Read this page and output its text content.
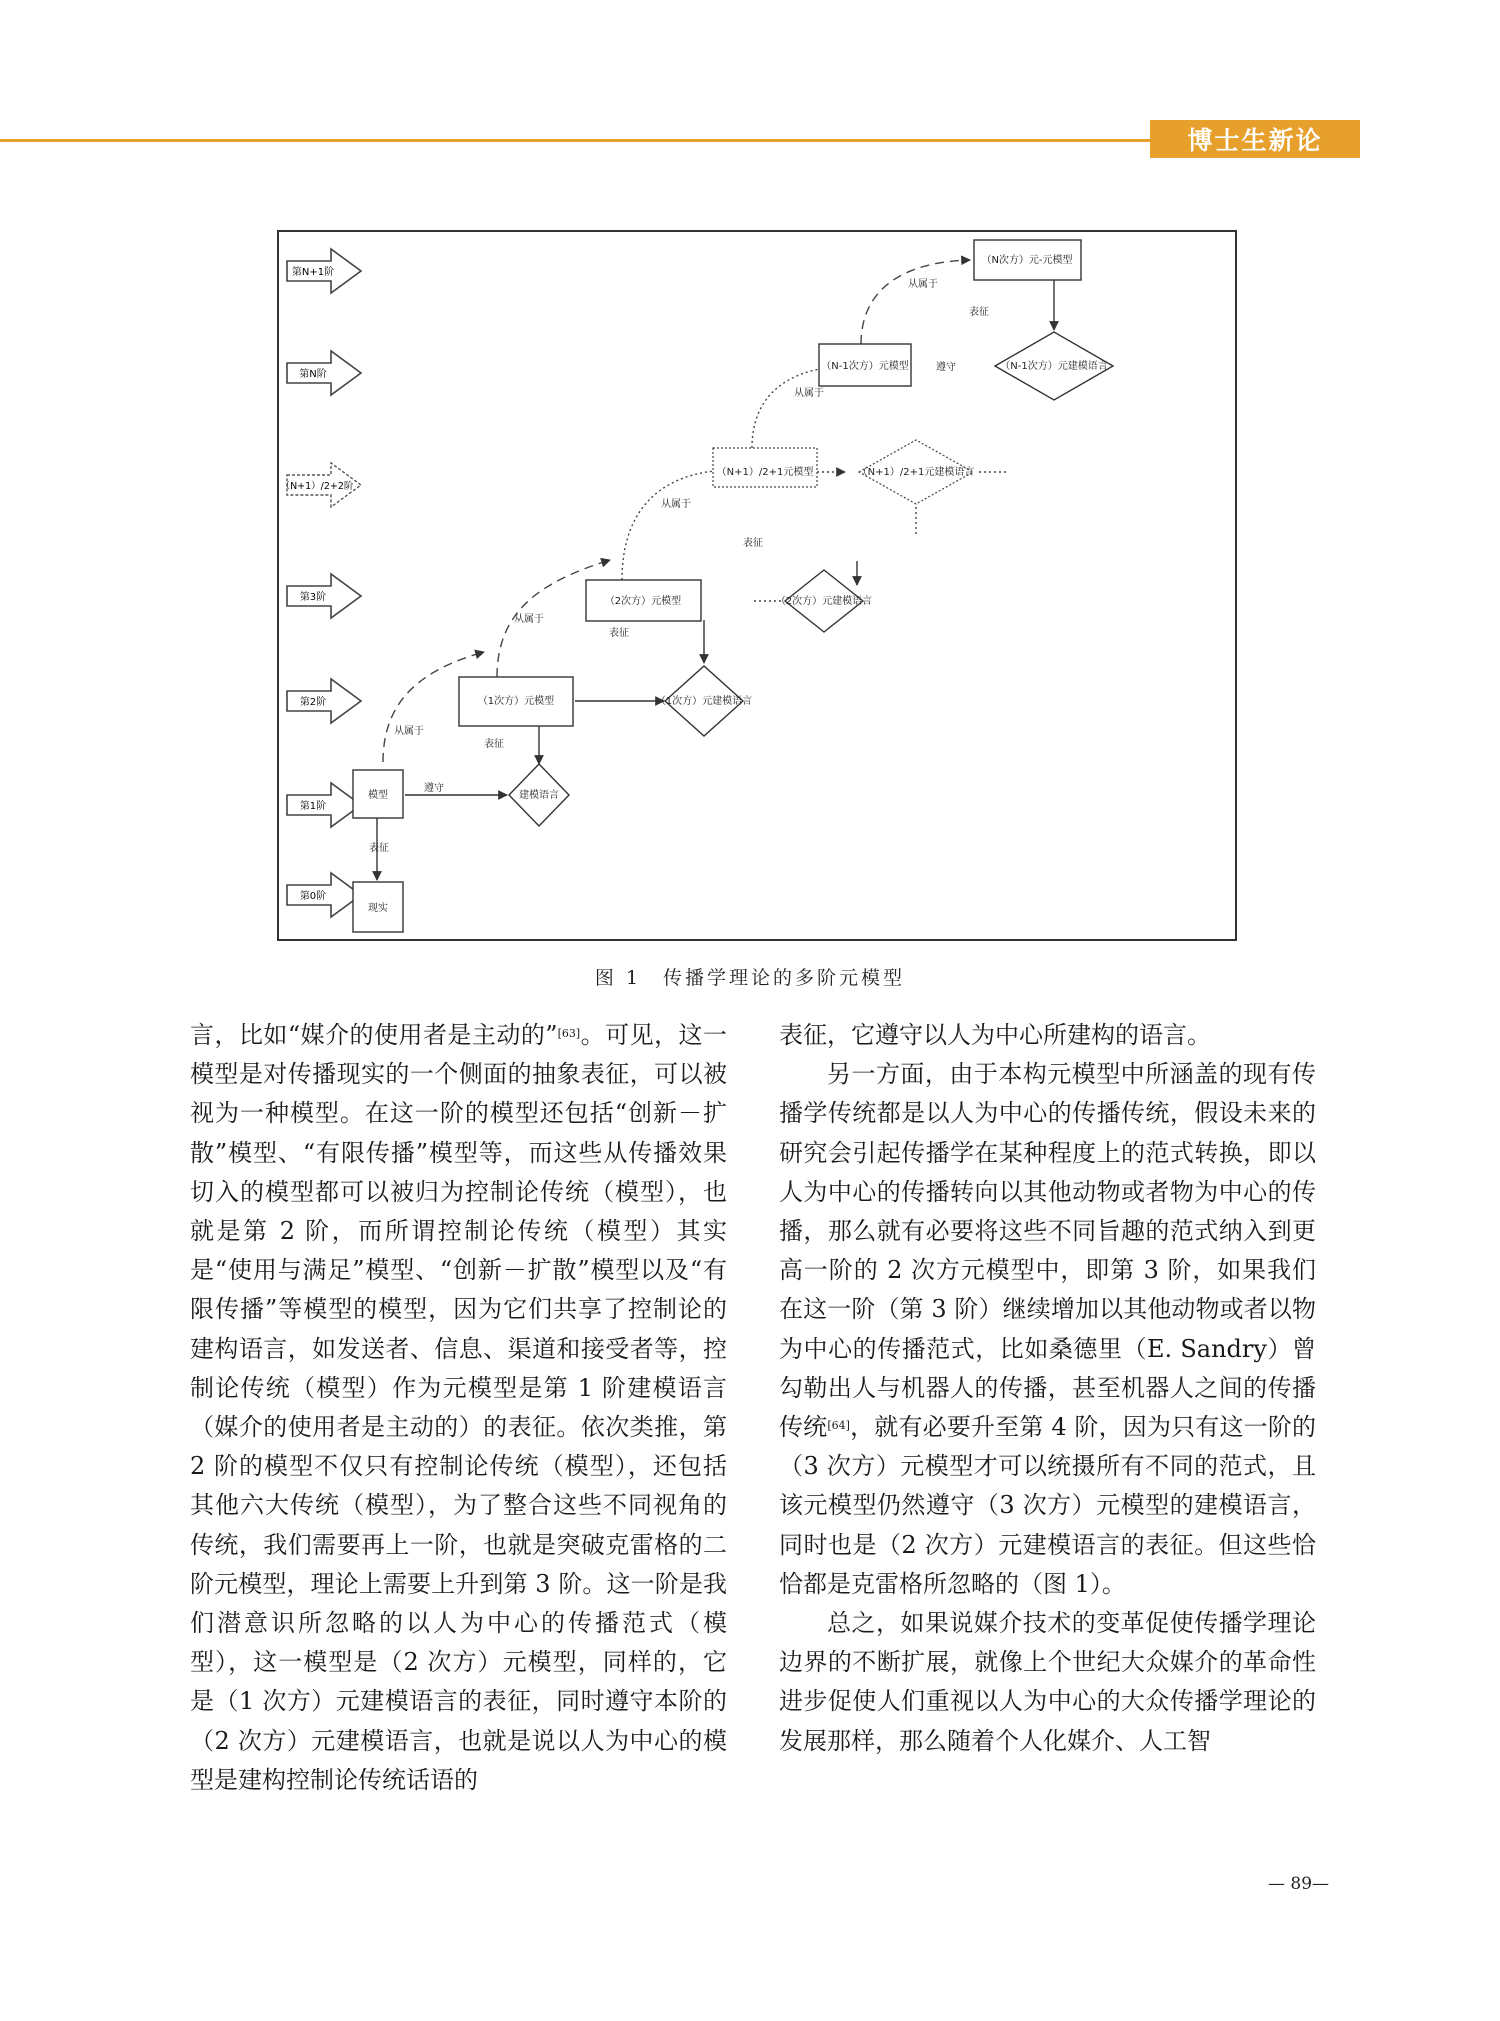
博士生新论
第N+1阶
第N阶
（N+1）/2+2阶
第3阶
第2阶
第1阶
第0阶
表征
遵守
表征
表征
表征
表征
遵守
从属于
从属于
从属于
从属于
从属于
现实
模型	建模语言
（1次方）元模型	（1次方）元建模语言
（2次方）元模型	（2次方）元建模语言
（N+1）/2+1元模型	（N+1）/2+1元建模语言
（N-1次方）元模型	（N-1次方）元建模语言
（N次方）元-元模型
图 1　传播学理论的多阶元模型

言，比如“媒介的使用者是主动的”[63]。可见，这一模型是对传播现实的一个侧面的抽象表征，可以被视为一种模型。在这一阶的模型还包括“创新－扩散”模型、“有限传播”模型等，而这些从传播效果切入的模型都可以被归为控制论传统（模型），也就是第 2 阶，而所谓控制论传统（模型）其实是“使用与满足”模型、“创新－扩散”模型以及“有限传播”等模型的模型，因为它们共享了控制论的建构语言，如发送者、信息、渠道和接受者等，控制论传统（模型）作为元模型是第 1 阶建模语言（媒介的使用者是主动的）的表征。依次类推，第 2 阶的模型不仅只有控制论传统（模型），还包括其他六大传统（模型），为了整合这些不同视角的传统，我们需要再上一阶，也就是突破克雷格的二阶元模型，理论上需要上升到第 3 阶。这一阶是我们潜意识所忽略的以人为中心的传播范式（模型），这一模型是（2 次方）元模型，同样的，它是（1 次方）元建模语言的表征，同时遵守本阶的（2 次方）元建模语言，也就是说以人为中心的模型是建构控制论传统话语的

表征，它遵守以人为中心所建构的语言。

另一方面，由于本构元模型中所涵盖的现有传播学传统都是以人为中心的传播传统，假设未来的研究会引起传播学在某种程度上的范式转换，即以人为中心的传播转向以其他动物或者物为中心的传播，那么就有必要将这些不同旨趣的范式纳入到更高一阶的 2 次方元模型中，即第 3 阶，如果我们在这一阶（第 3 阶）继续增加以其他动物或者以物为中心的传播范式，比如桑德里（E. Sandry）曾勾勒出人与机器人的传播，甚至机器人之间的传播传统[64]，就有必要升至第 4 阶，因为只有这一阶的（3 次方）元模型才可以统摄所有不同的范式，且该元模型仍然遵守（3 次方）元模型的建模语言，同时也是（2 次方）元建模语言的表征。但这些恰恰都是克雷格所忽略的（图 1）。

总之，如果说媒介技术的变革促使传播学理论边界的不断扩展，就像上个世纪大众媒介的革命性进步促使人们重视以人为中心的大众传播学理论的发展那样，那么随着个人化媒介、人工智

— 89—
